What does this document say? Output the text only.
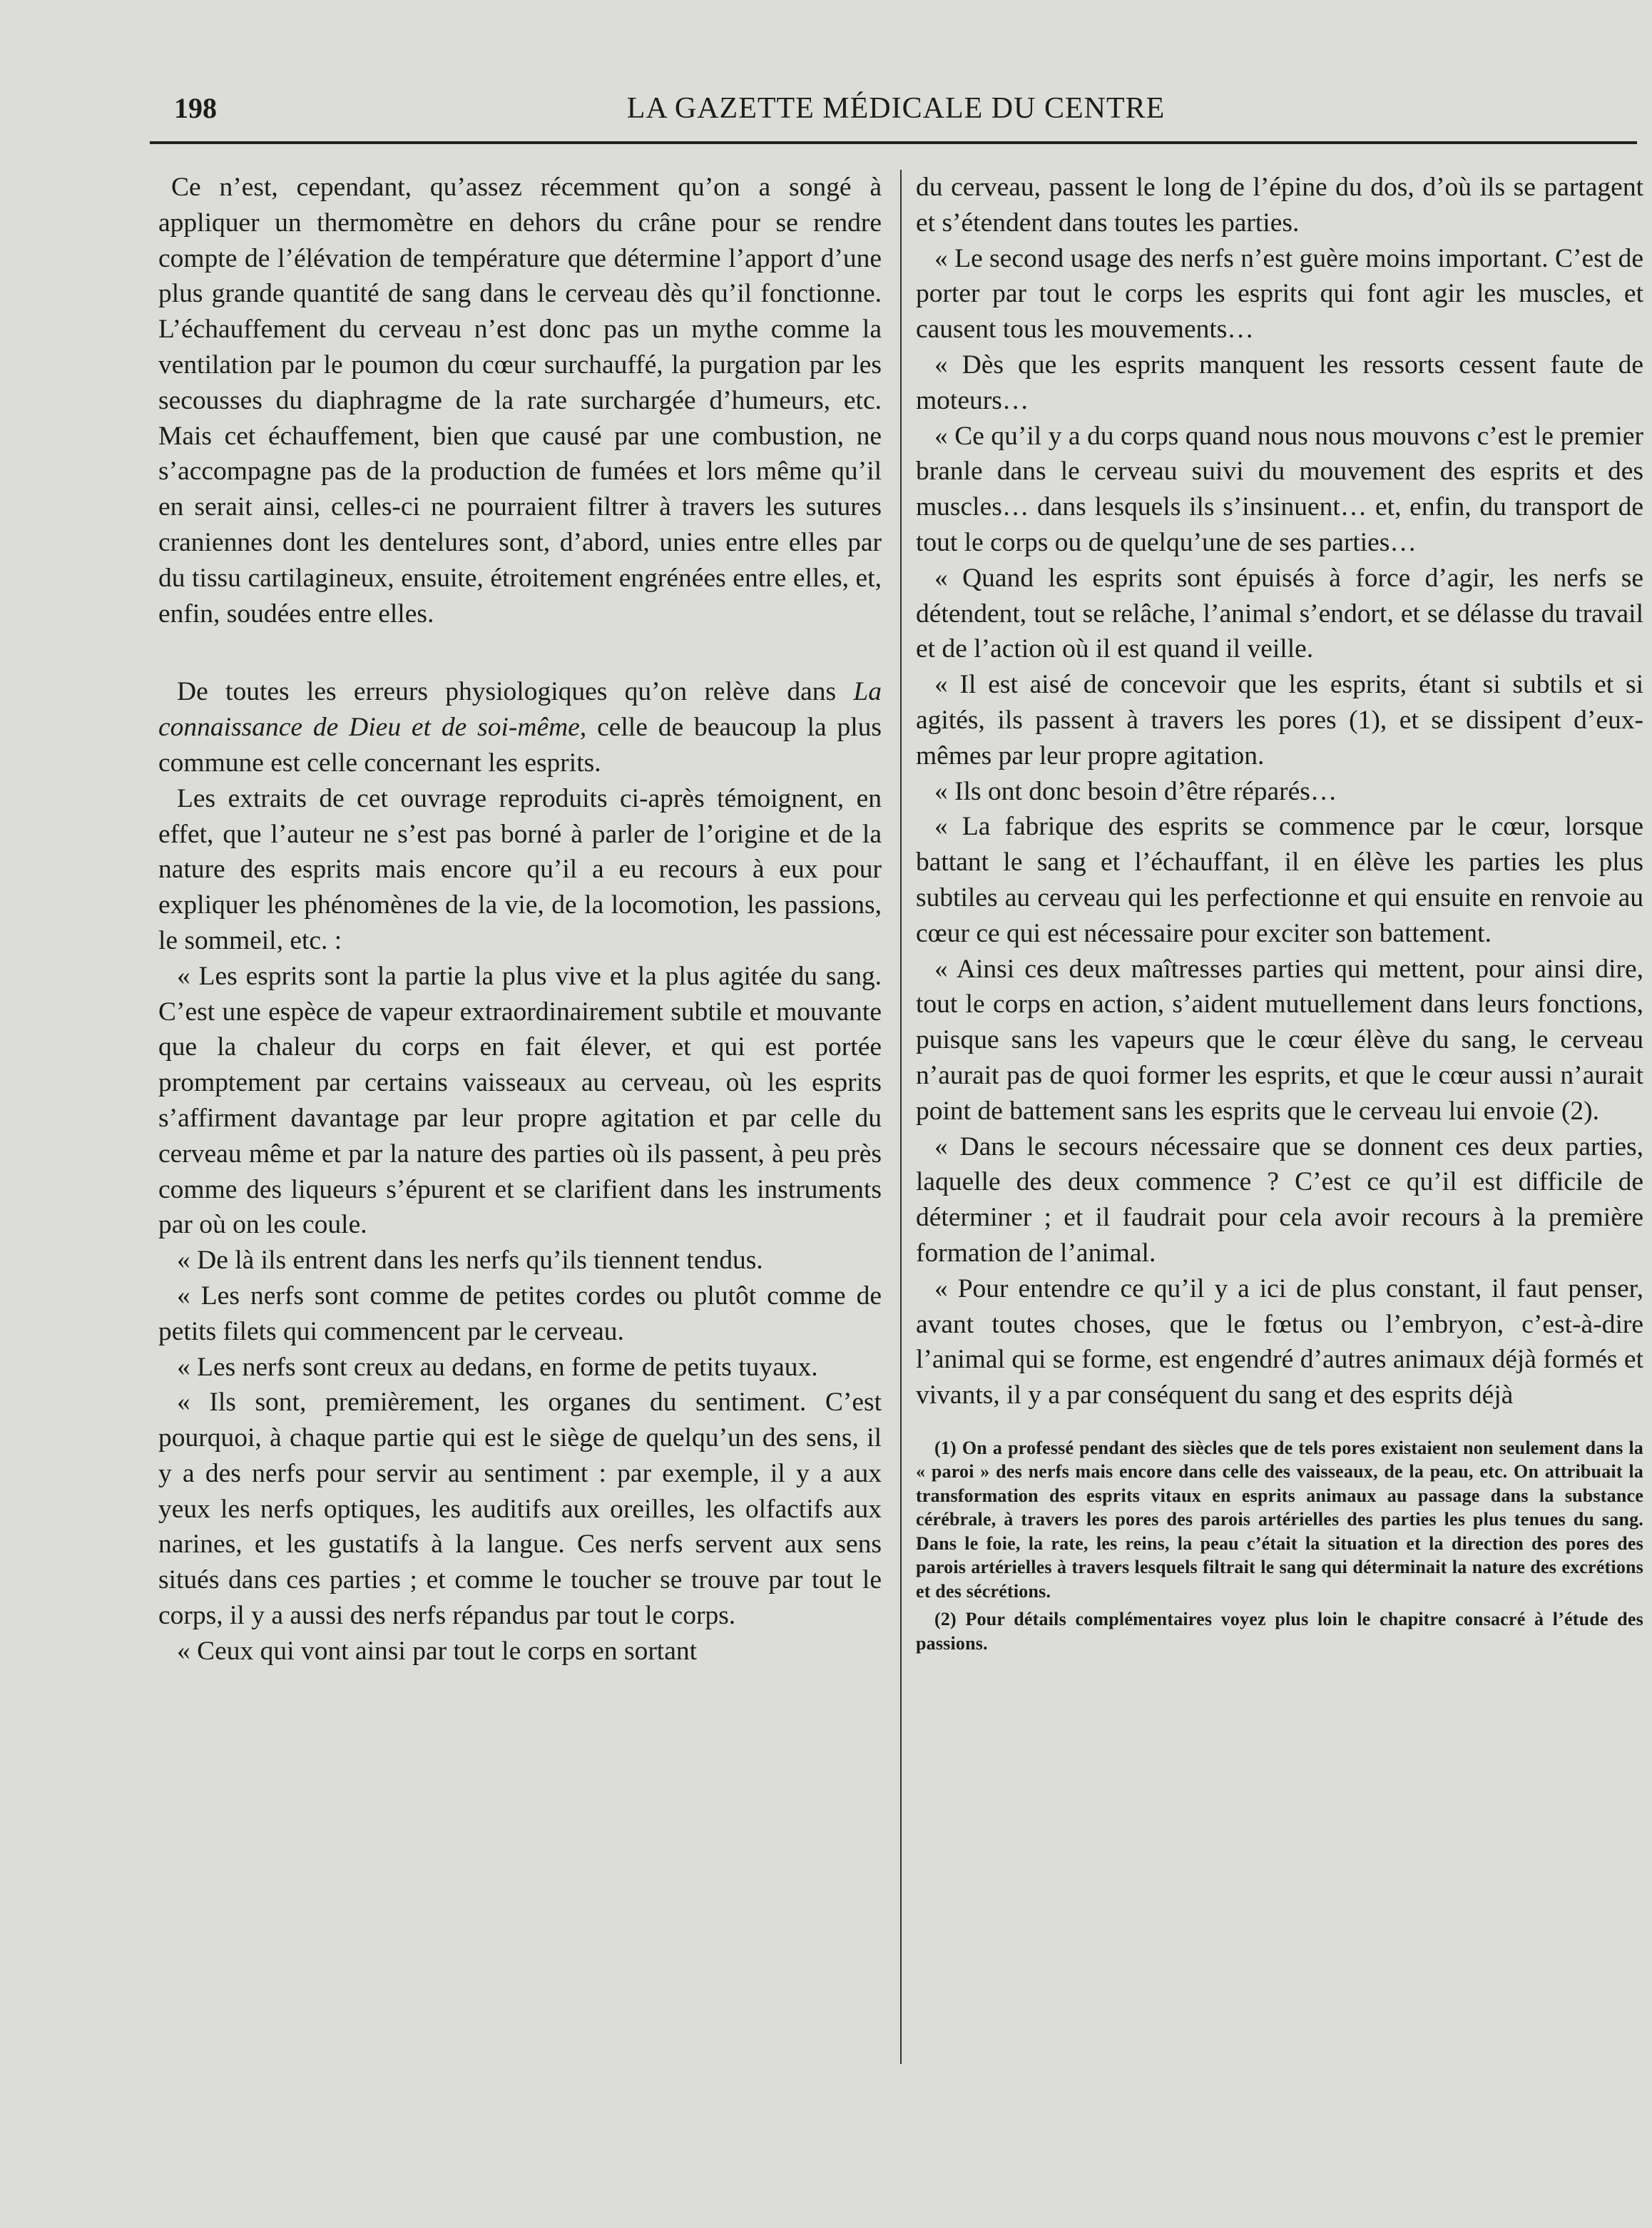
198	LA GAZETTE MÉDICALE DU CENTRE

Ce n’est, cependant, qu’assez récemment qu’on a songé à appliquer un thermomètre en dehors du crâne pour se rendre compte de l’élévation de température que détermine l’apport d’une plus grande quantité de sang dans le cerveau dès qu’il fonctionne. L’échauffement du cerveau n’est donc pas un mythe comme la ventilation par le poumon du cœur surchauffé, la purgation par les secousses du diaphragme de la rate surchargée d’humeurs, etc. Mais cet échauffement, bien que causé par une combustion, ne s’accompagne pas de la production de fumées et lors même qu’il en serait ainsi, celles-ci ne pourraient filtrer à travers les sutures craniennes dont les dentelures sont, d’abord, unies entre elles par du tissu cartilagineux, ensuite, étroitement engrénées entre elles, et, enfin, soudées entre elles.

De toutes les erreurs physiologiques qu’on relève dans La connaissance de Dieu et de soi-même, celle de beaucoup la plus commune est celle concernant les esprits.

Les extraits de cet ouvrage reproduits ci-après témoignent, en effet, que l’auteur ne s’est pas borné à parler de l’origine et de la nature des esprits mais encore qu’il a eu recours à eux pour expliquer les phénomènes de la vie, de la locomotion, les passions, le sommeil, etc. :

« Les esprits sont la partie la plus vive et la plus agitée du sang. C’est une espèce de vapeur extraordinairement subtile et mouvante que la chaleur du corps en fait élever, et qui est portée promptement par certains vaisseaux au cerveau, où les esprits s’affirment davantage par leur propre agitation et par celle du cerveau même et par la nature des parties où ils passent, à peu près comme des liqueurs s’épurent et se clarifient dans les instruments par où on les coule.

« De là ils entrent dans les nerfs qu’ils tiennent tendus.

« Les nerfs sont comme de petites cordes ou plutôt comme de petits filets qui commencent par le cerveau.

« Les nerfs sont creux au dedans, en forme de petits tuyaux.

« Ils sont, premièrement, les organes du sentiment. C’est pourquoi, à chaque partie qui est le siège de quelqu’un des sens, il y a des nerfs pour servir au sentiment : par exemple, il y a aux yeux les nerfs optiques, les auditifs aux oreilles, les olfactifs aux narines, et les gustatifs à la langue. Ces nerfs servent aux sens situés dans ces parties ; et comme le toucher se trouve par tout le corps, il y a aussi des nerfs répandus par tout le corps.

« Ceux qui vont ainsi par tout le corps en sortant

du cerveau, passent le long de l’épine du dos, d’où ils se partagent et s’étendent dans toutes les parties.

« Le second usage des nerfs n’est guère moins important. C’est de porter par tout le corps les esprits qui font agir les muscles, et causent tous les mouvements…

« Dès que les esprits manquent les ressorts cessent faute de moteurs…

« Ce qu’il y a du corps quand nous nous mouvons c’est le premier branle dans le cerveau suivi du mouvement des esprits et des muscles… dans lesquels ils s’insinuent… et, enfin, du transport de tout le corps ou de quelqu’une de ses parties…

« Quand les esprits sont épuisés à force d’agir, les nerfs se détendent, tout se relâche, l’animal s’endort, et se délasse du travail et de l’action où il est quand il veille.

« Il est aisé de concevoir que les esprits, étant si subtils et si agités, ils passent à travers les pores (1), et se dissipent d’eux-mêmes par leur propre agitation.

« Ils ont donc besoin d’être réparés…

« La fabrique des esprits se commence par le cœur, lorsque battant le sang et l’échauffant, il en élève les parties les plus subtiles au cerveau qui les perfectionne et qui ensuite en renvoie au cœur ce qui est nécessaire pour exciter son battement.

« Ainsi ces deux maîtresses parties qui mettent, pour ainsi dire, tout le corps en action, s’aident mutuellement dans leurs fonctions, puisque sans les vapeurs que le cœur élève du sang, le cerveau n’aurait pas de quoi former les esprits, et que le cœur aussi n’aurait point de battement sans les esprits que le cerveau lui envoie (2).

« Dans le secours nécessaire que se donnent ces deux parties, laquelle des deux commence ? C’est ce qu’il est difficile de déterminer ; et il faudrait pour cela avoir recours à la première formation de l’animal.

« Pour entendre ce qu’il y a ici de plus constant, il faut penser, avant toutes choses, que le fœtus ou l’embryon, c’est-à-dire l’animal qui se forme, est engendré d’autres animaux déjà formés et vivants, il y a par conséquent du sang et des esprits déjà

(1) On a professé pendant des siècles que de tels pores existaient non seulement dans la « paroi » des nerfs mais encore dans celle des vaisseaux, de la peau, etc. On attribuait la transformation des esprits vitaux en esprits animaux au passage dans la substance cérébrale, à travers les pores des parois artérielles des parties les plus tenues du sang. Dans le foie, la rate, les reins, la peau c’était la situation et la direction des pores des parois artérielles à travers lesquels filtrait le sang qui déterminait la nature des excrétions et des sécrétions.

(2) Pour détails complémentaires voyez plus loin le chapitre consacré à l’étude des passions.
